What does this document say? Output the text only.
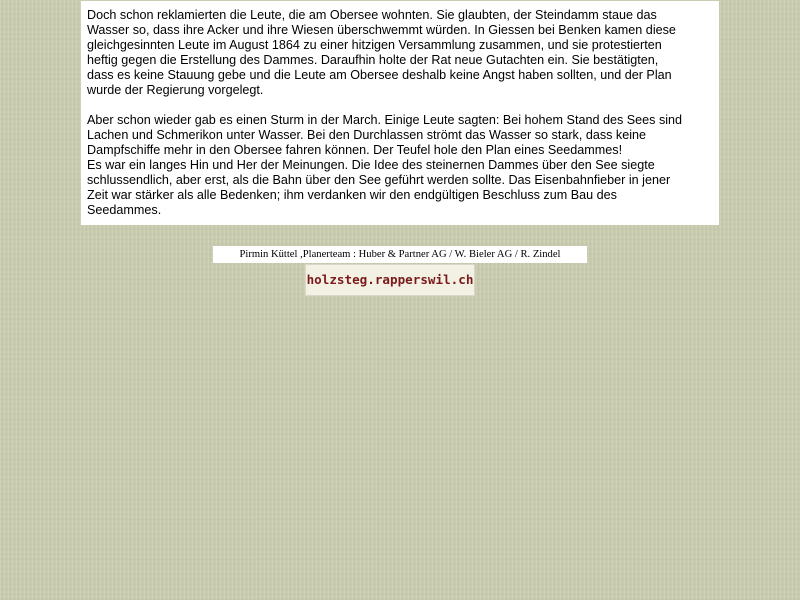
Doch schon reklamierten die Leute, die am Obersee wohnten. Sie glaubten, der Steindamm staue das
Wasser so, dass ihre Acker und ihre Wiesen überschwemmt würden. In Giessen bei Benken kamen diese
gleichgesinnten Leute im August 1864 zu einer hitzigen Versammlung zusammen, und sie protestierten
heftig gegen die Erstellung des Dammes. Daraufhin holte der Rat neue Gutachten ein. Sie bestätigten,
dass es keine Stauung gebe und die Leute am Obersee deshalb keine Angst haben sollten, und der Plan
wurde der Regierung vorgelegt.

Aber schon wieder gab es einen Sturm in der March. Einige Leute sagten: Bei hohem Stand des Sees sind
Lachen und Schmerikon unter Wasser. Bei den Durchlassen strömt das Wasser so stark, dass keine
Dampfschiffe mehr in den Obersee fahren können. Der Teufel hole den Plan eines Seedammes!
Es war ein langes Hin und Her der Meinungen. Die Idee des steinernen Dammes über den See siegte
schlussendlich, aber erst, als die Bahn über den See geführt werden sollte. Das Eisenbahnfieber in jener
Zeit war stärker als alle Bedenken; ihm verdanken wir den endgültigen Beschluss zum Bau des
Seedammes.

Pirmin Küttel ,Planerteam : Huber & Partner AG / W. Bieler AG / R. Zindel
holzsteg.rapperswil.ch
